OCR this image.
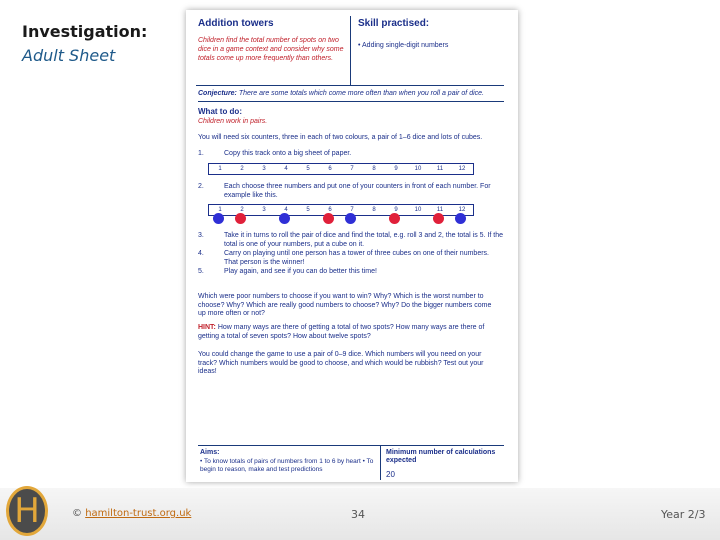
Investigation:
Adult Sheet
Addition towers
Children find the total number of spots on two dice in a game context and consider why some totals come up more frequently than others.
Skill practised:
• Adding single-digit numbers
Conjecture: There are some totals which come more often than when you roll a pair of dice.
What to do:
Children work in pairs.
You will need six counters, three in each of two colours, a pair of 1–6 dice and lots of cubes.
1.	Copy this track onto a big sheet of paper.
1	2	3	4	5	6	7	8	9	10	11	12
2.	Each choose three numbers and put one of your counters in front of each number. For example like this.
1	2	3	4	5	6	7	8	9	10	11	12
3.	Take it in turns to roll the pair of dice and find the total, e.g. roll 3 and 2, the total is 5. If the total is one of your numbers, put a cube on it.
4.	Carry on playing until one person has a tower of three cubes on one of their numbers. That person is the winner!
5.	Play again, and see if you can do better this time!
Which were poor numbers to choose if you want to win? Why? Which is the worst number to choose? Why? Which are really good numbers to choose? Why? Do the bigger numbers come up more often or not?
HINT: How many ways are there of getting a total of two spots? How many ways are there of getting a total of seven spots? How about twelve spots?
You could change the game to use a pair of 0–9 dice. Which numbers will you need on your track? Which numbers would be good to choose, and which would be rubbish? Test out your ideas!
Aims:
• To know totals of pairs of numbers from 1 to 6 by heart • To begin to reason, make and test predictions
Minimum number of calculations expected
20
H	© hamilton-trust.org.uk	34	Year 2/3
